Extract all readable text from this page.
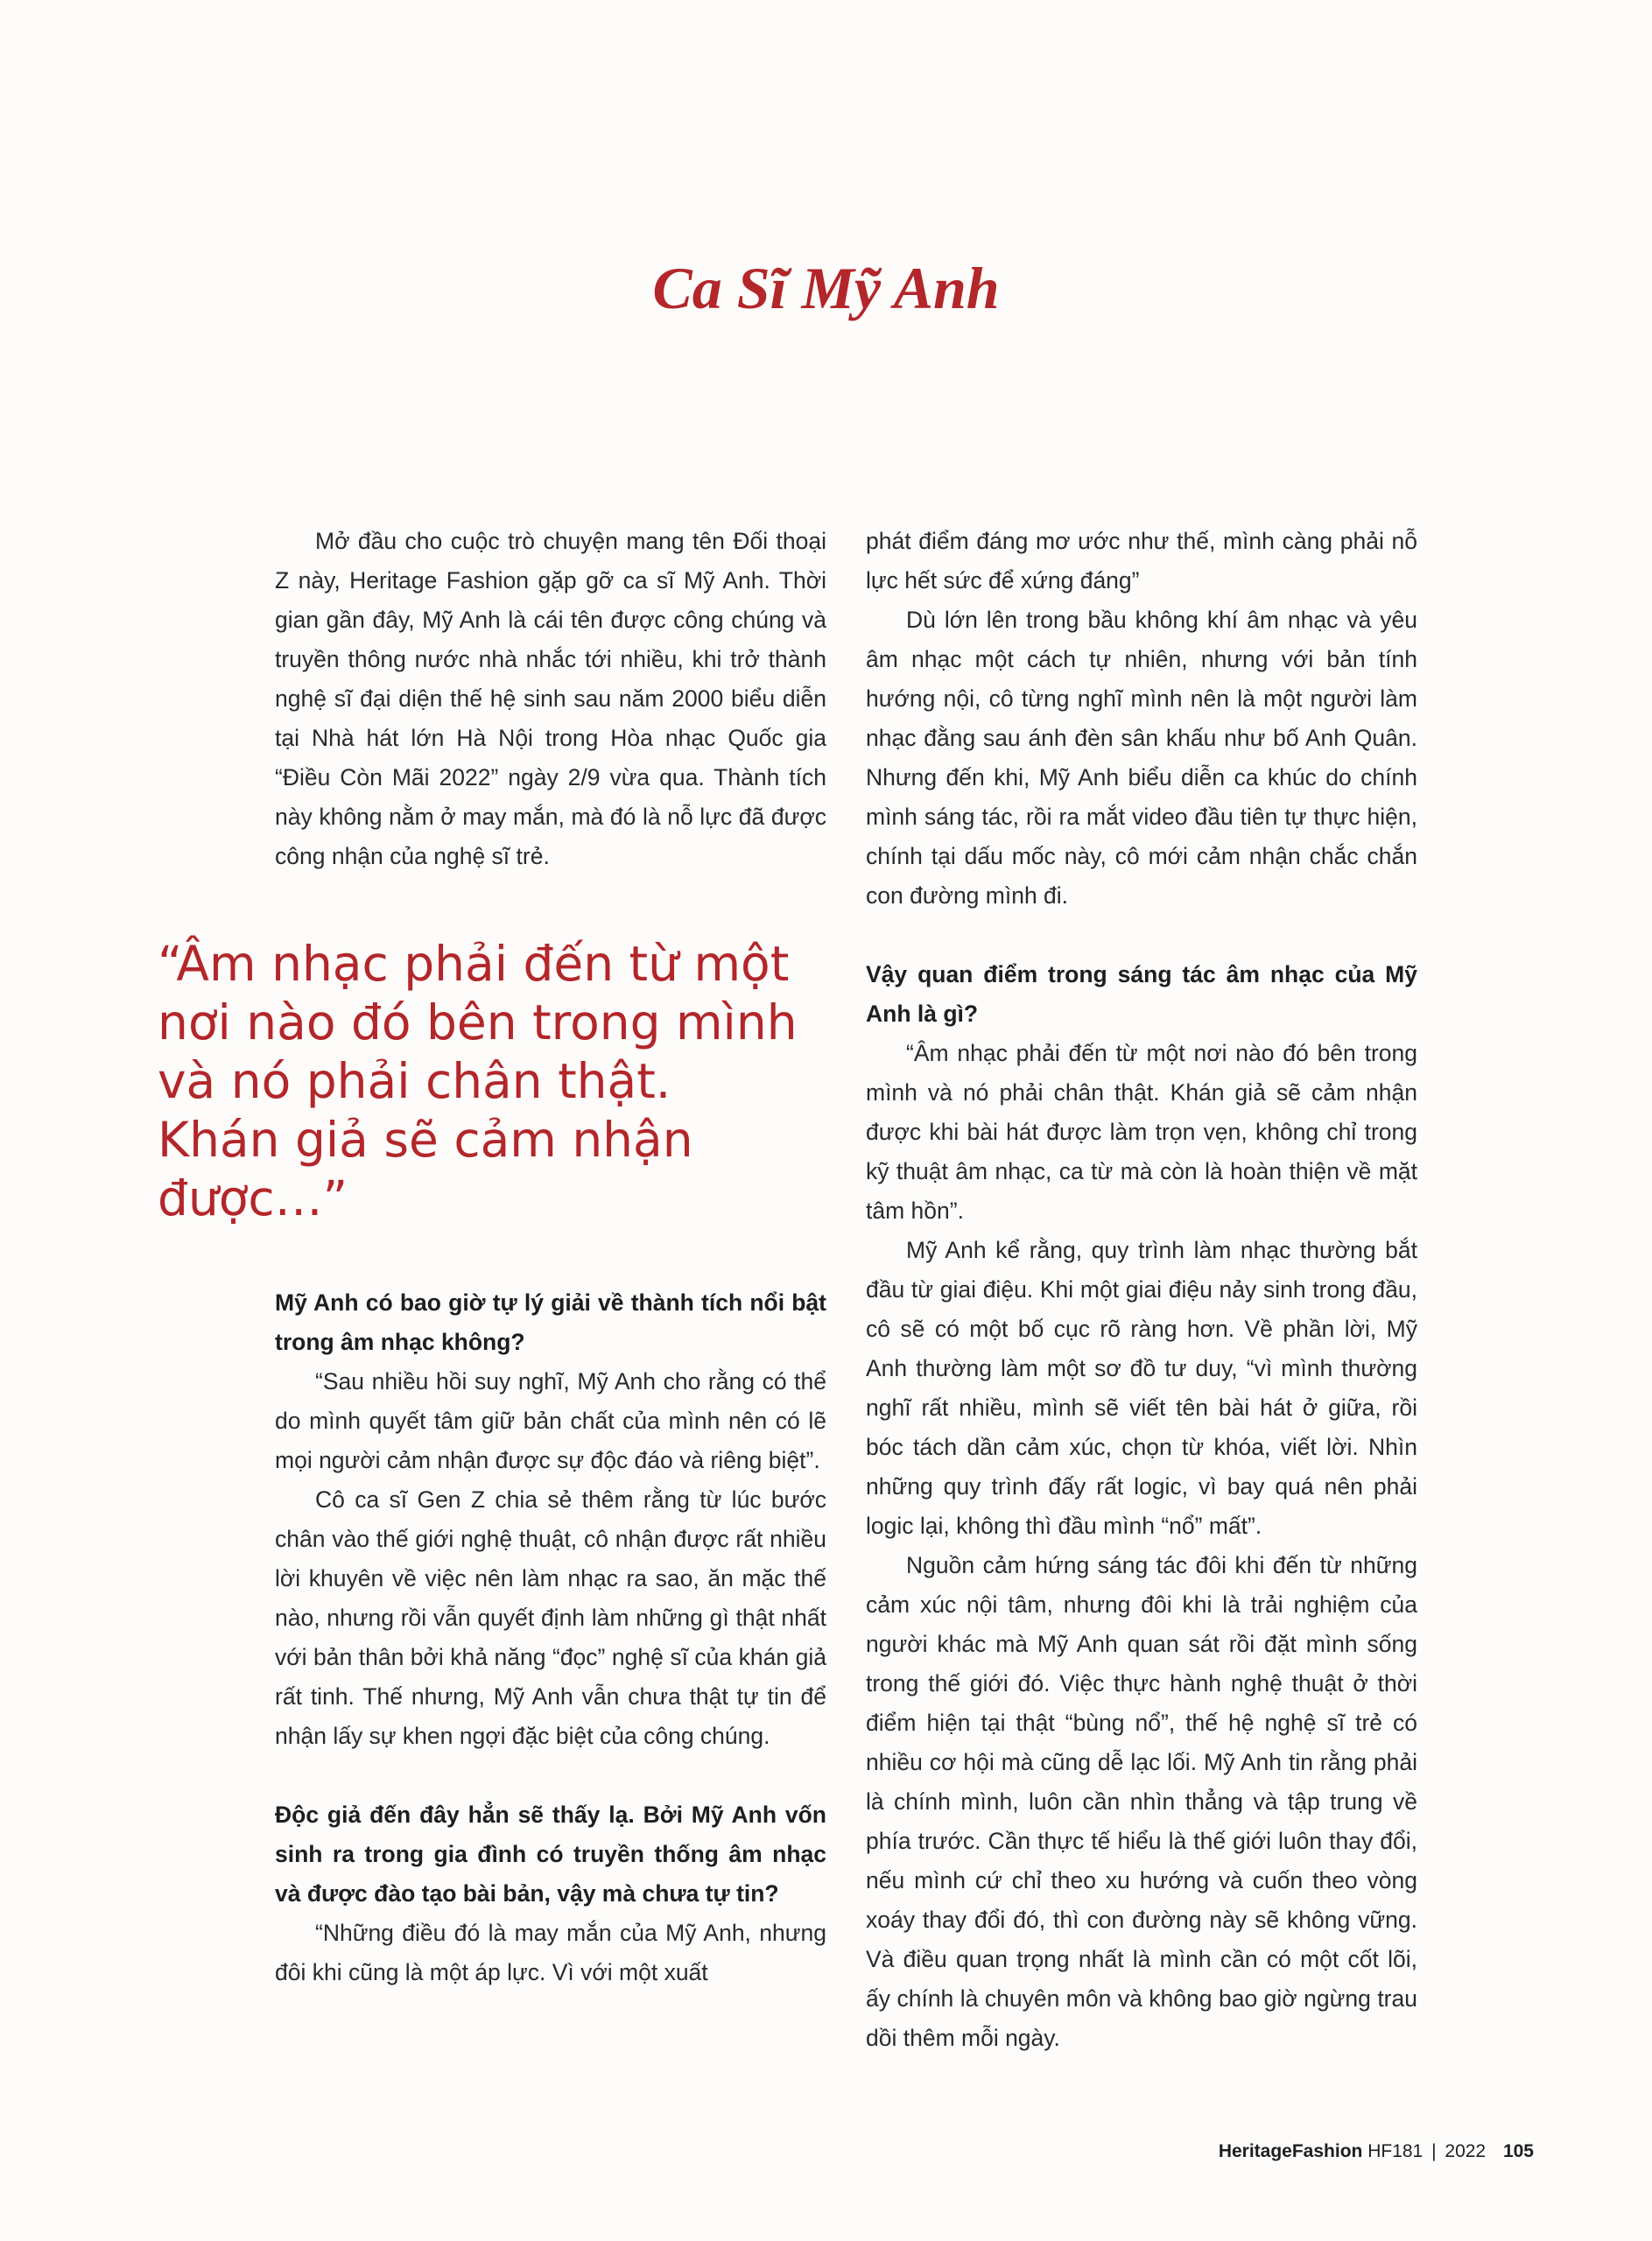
Ca Sĩ Mỹ Anh

Mở đầu cho cuộc trò chuyện mang tên Đối thoại Z này, Heritage Fashion gặp gỡ ca sĩ Mỹ Anh. Thời gian gần đây, Mỹ Anh là cái tên được công chúng và truyền thông nước nhà nhắc tới nhiều, khi trở thành nghệ sĩ đại diện thế hệ sinh sau năm 2000 biểu diễn tại Nhà hát lớn Hà Nội trong Hòa nhạc Quốc gia “Điều Còn Mãi 2022” ngày 2/9 vừa qua. Thành tích này không nằm ở may mắn, mà đó là nỗ lực đã được công nhận của nghệ sĩ trẻ.

Mỹ Anh có bao giờ tự lý giải về thành tích nổi bật trong âm nhạc không?

“Sau nhiều hồi suy nghĩ, Mỹ Anh cho rằng có thể do mình quyết tâm giữ bản chất của mình nên có lẽ mọi người cảm nhận được sự độc đáo và riêng biệt”.

Cô ca sĩ Gen Z chia sẻ thêm rằng từ lúc bước chân vào thế giới nghệ thuật, cô nhận được rất nhiều lời khuyên về việc nên làm nhạc ra sao, ăn mặc thế nào, nhưng rồi vẫn quyết định làm những gì thật nhất với bản thân bởi khả năng “đọc” nghệ sĩ của khán giả rất tinh. Thế nhưng, Mỹ Anh vẫn chưa thật tự tin để nhận lấy sự khen ngợi đặc biệt của công chúng.

Độc giả đến đây hẳn sẽ thấy lạ. Bởi Mỹ Anh vốn sinh ra trong gia đình có truyền thống âm nhạc và được đào tạo bài bản, vậy mà chưa tự tin?

“Những điều đó là may mắn của Mỹ Anh, nhưng đôi khi cũng là một áp lực. Vì với một xuất

“Âm nhạc phải đến từ một nơi nào đó bên trong mình và nó phải chân thật. Khán giả sẽ cảm nhận được…”

phát điểm đáng mơ ước như thế, mình càng phải nỗ lực hết sức để xứng đáng”

Dù lớn lên trong bầu không khí âm nhạc và yêu âm nhạc một cách tự nhiên, nhưng với bản tính hướng nội, cô từng nghĩ mình nên là một người làm nhạc đằng sau ánh đèn sân khấu như bố Anh Quân. Nhưng đến khi, Mỹ Anh biểu diễn ca khúc do chính mình sáng tác, rồi ra mắt video đầu tiên tự thực hiện, chính tại dấu mốc này, cô mới cảm nhận chắc chắn con đường mình đi.

Vậy quan điểm trong sáng tác âm nhạc của Mỹ Anh là gì?

“Âm nhạc phải đến từ một nơi nào đó bên trong mình và nó phải chân thật. Khán giả sẽ cảm nhận được khi bài hát được làm trọn vẹn, không chỉ trong kỹ thuật âm nhạc, ca từ mà còn là hoàn thiện về mặt tâm hồn”.

Mỹ Anh kể rằng, quy trình làm nhạc thường bắt đầu từ giai điệu. Khi một giai điệu nảy sinh trong đầu, cô sẽ có một bố cục rõ ràng hơn. Về phần lời, Mỹ Anh thường làm một sơ đồ tư duy, “vì mình thường nghĩ rất nhiều, mình sẽ viết tên bài hát ở giữa, rồi bóc tách dần cảm xúc, chọn từ khóa, viết lời. Nhìn những quy trình đấy rất logic, vì bay quá nên phải logic lại, không thì đầu mình “nổ” mất”.

Nguồn cảm hứng sáng tác đôi khi đến từ những cảm xúc nội tâm, nhưng đôi khi là trải nghiệm của người khác mà Mỹ Anh quan sát rồi đặt mình sống trong thế giới đó. Việc thực hành nghệ thuật ở thời điểm hiện tại thật “bùng nổ”, thế hệ nghệ sĩ trẻ có nhiều cơ hội mà cũng dễ lạc lối. Mỹ Anh tin rằng phải là chính mình, luôn cần nhìn thẳng và tập trung về phía trước. Cần thực tế hiểu là thế giới luôn thay đổi, nếu mình cứ chỉ theo xu hướng và cuốn theo vòng xoáy thay đổi đó, thì con đường này sẽ không vững. Và điều quan trọng nhất là mình cần có một cốt lõi, ấy chính là chuyên môn và không bao giờ ngừng trau dồi thêm mỗi ngày.

HeritageFashion HF181 | 2022 105
